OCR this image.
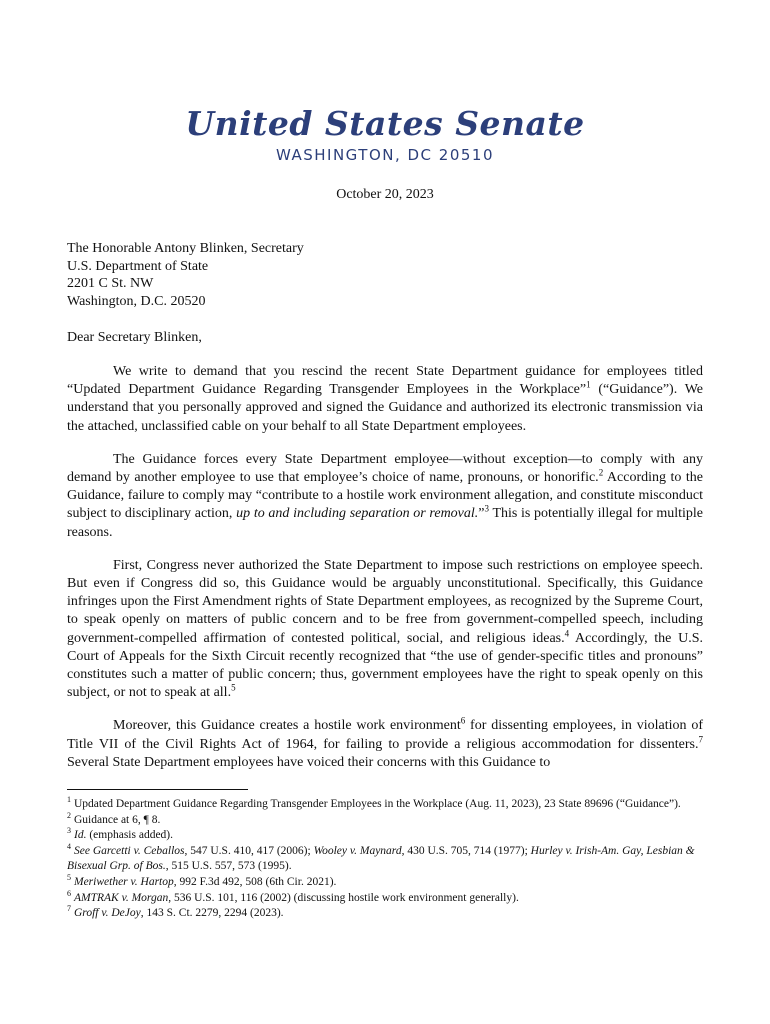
United States Senate
WASHINGTON, DC 20510
October 20, 2023
The Honorable Antony Blinken, Secretary
U.S. Department of State
2201 C St. NW
Washington, D.C. 20520
Dear Secretary Blinken,

We write to demand that you rescind the recent State Department guidance for employees titled “Updated Department Guidance Regarding Transgender Employees in the Workplace”$^1$ (“Guidance”). We understand that you personally approved and signed the Guidance and authorized its electronic transmission via the attached, unclassified cable on your behalf to all State Department employees.

The Guidance forces every State Department employee—without exception—to comply with any demand by another employee to use that employee’s choice of name, pronouns, or honorific.$^2$ According to the Guidance, failure to comply may “contribute to a hostile work environment allegation, and constitute misconduct subject to disciplinary action, up to and including separation or removal.”$^3$ This is potentially illegal for multiple reasons.

First, Congress never authorized the State Department to impose such restrictions on employee speech. But even if Congress did so, this Guidance would be arguably unconstitutional. Specifically, this Guidance infringes upon the First Amendment rights of State Department employees, as recognized by the Supreme Court, to speak openly on matters of public concern and to be free from government-compelled speech, including government-compelled affirmation of contested political, social, and religious ideas.$^4$ Accordingly, the U.S. Court of Appeals for the Sixth Circuit recently recognized that “the use of gender-specific titles and pronouns” constitutes such a matter of public concern; thus, government employees have the right to speak openly on this subject, or not to speak at all.$^5$

Moreover, this Guidance creates a hostile work environment$^6$ for dissenting employees, in violation of Title VII of the Civil Rights Act of 1964, for failing to provide a religious accommodation for dissenters.$^7$ Several State Department employees have voiced their concerns with this Guidance to

$^1$ Updated Department Guidance Regarding Transgender Employees in the Workplace (Aug. 11, 2023), 23 State 89696 (“Guidance”).

$^2$ Guidance at 6, ¶ 8.

$^3$ Id. (emphasis added).

$^4$ See Garcetti v. Ceballos, 547 U.S. 410, 417 (2006); Wooley v. Maynard, 430 U.S. 705, 714 (1977); Hurley v. Irish-Am. Gay, Lesbian & Bisexual Grp. of Bos., 515 U.S. 557, 573 (1995).

$^5$ Meriwether v. Hartop, 992 F.3d 492, 508 (6th Cir. 2021).

$^6$ AMTRAK v. Morgan, 536 U.S. 101, 116 (2002) (discussing hostile work environment generally).

$^7$ Groff v. DeJoy, 143 S. Ct. 2279, 2294 (2023).
